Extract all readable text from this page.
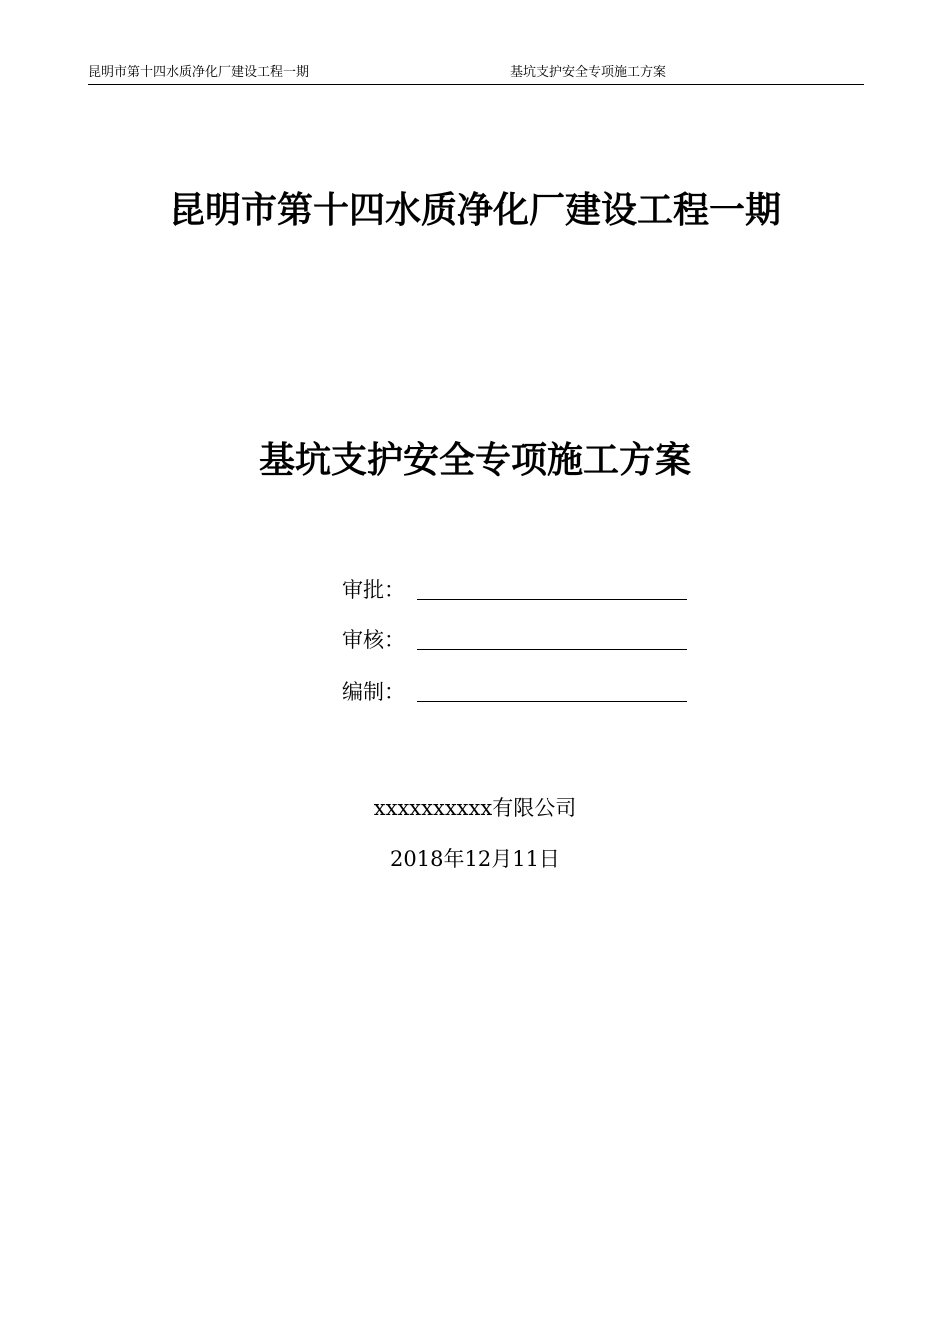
昆明市第十四水质净化厂建设工程一期	基坑支护安全专项施工方案
昆明市第十四水质净化厂建设工程一期
基坑支护安全专项施工方案
审批：
审核：
编制：
xxxxxxxxxx有限公司
2018年12月11日
